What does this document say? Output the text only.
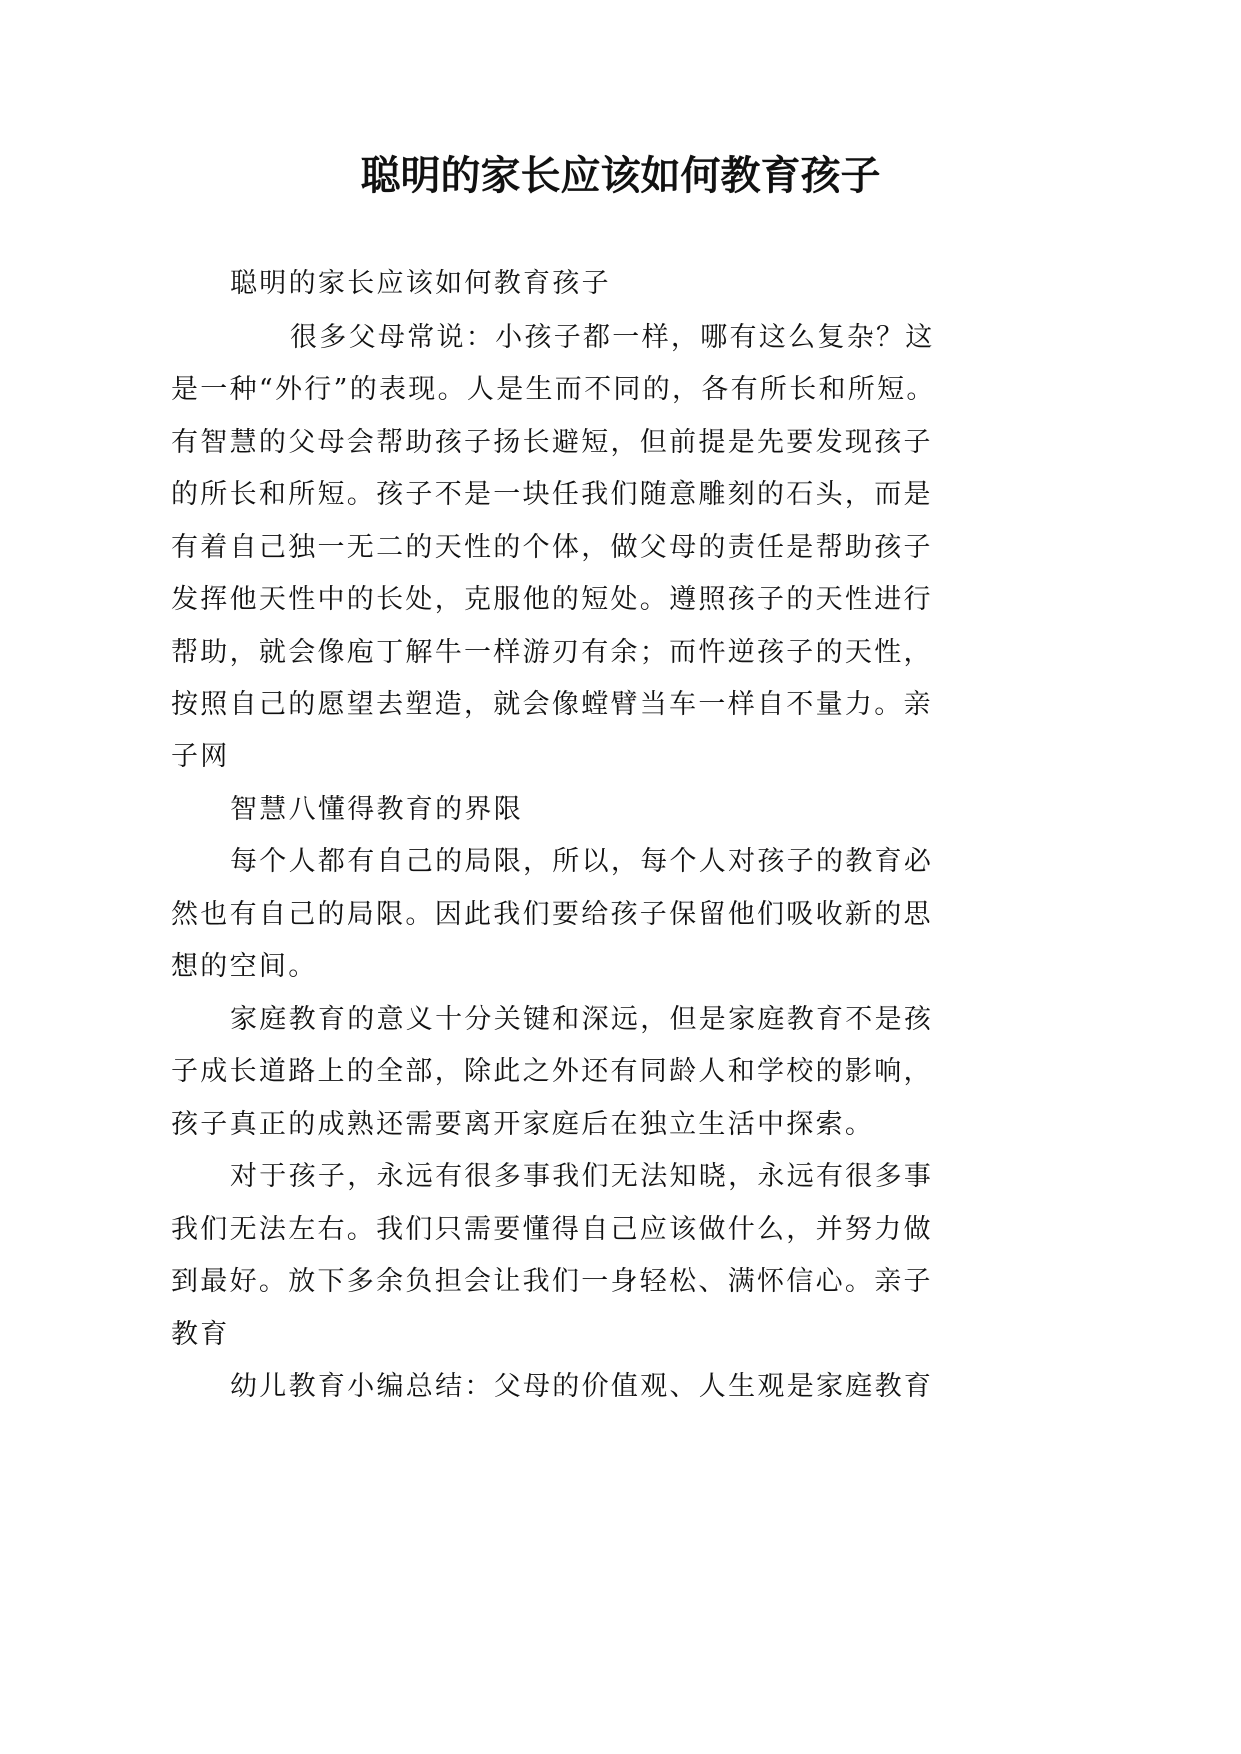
聪明的家长应该如何教育孩子
聪明的家长应该如何教育孩子
很多父母常说：小孩子都一样，哪有这么复杂？这
是一种“外行”的表现。人是生而不同的，各有所长和所短。
有智慧的父母会帮助孩子扬长避短，但前提是先要发现孩子
的所长和所短。孩子不是一块任我们随意雕刻的石头，而是
有着自己独一无二的天性的个体，做父母的责任是帮助孩子
发挥他天性中的长处，克服他的短处。遵照孩子的天性进行
帮助，就会像庖丁解牛一样游刃有余；而忤逆孩子的天性，
按照自己的愿望去塑造，就会像螳臂当车一样自不量力。亲
子网
智慧八懂得教育的界限
每个人都有自己的局限，所以，每个人对孩子的教育必
然也有自己的局限。因此我们要给孩子保留他们吸收新的思
想的空间。
家庭教育的意义十分关键和深远，但是家庭教育不是孩
子成长道路上的全部，除此之外还有同龄人和学校的影响，
孩子真正的成熟还需要离开家庭后在独立生活中探索。
对于孩子，永远有很多事我们无法知晓，永远有很多事
我们无法左右。我们只需要懂得自己应该做什么，并努力做
到最好。放下多余负担会让我们一身轻松、满怀信心。亲子
教育
幼儿教育小编总结：父母的价值观、人生观是家庭教育
